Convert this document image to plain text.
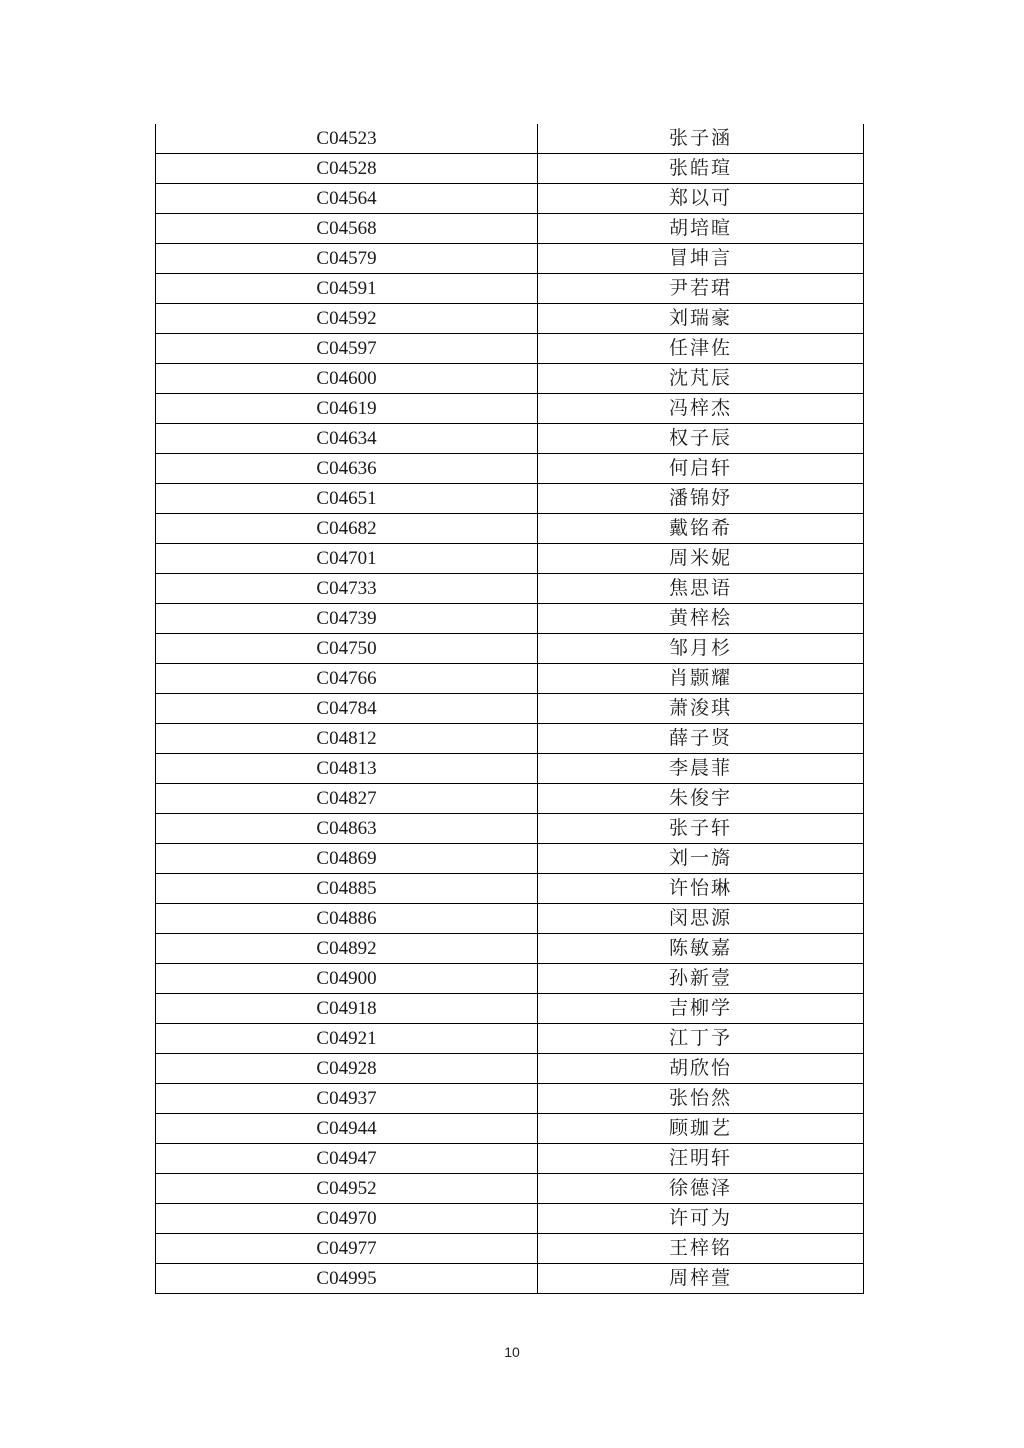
C04523	张子涵
C04528	张皓瑄
C04564	郑以可
C04568	胡培暄
C04579	冒坤言
C04591	尹若珺
C04592	刘瑞豪
C04597	任津佐
C04600	沈芃辰
C04619	冯梓杰
C04634	权子辰
C04636	何启轩
C04651	潘锦妤
C04682	戴铭希
C04701	周米妮
C04733	焦思语
C04739	黄梓桧
C04750	邹月杉
C04766	肖颢耀
C04784	萧浚琪
C04812	薛子贤
C04813	李晨菲
C04827	朱俊宇
C04863	张子轩
C04869	刘一旖
C04885	许怡琳
C04886	闵思源
C04892	陈敏嘉
C04900	孙新壹
C04918	吉柳学
C04921	江丁予
C04928	胡欣怡
C04937	张怡然
C04944	顾珈艺
C04947	汪明轩
C04952	徐德泽
C04970	许可为
C04977	王梓铭
C04995	周梓萱
10
